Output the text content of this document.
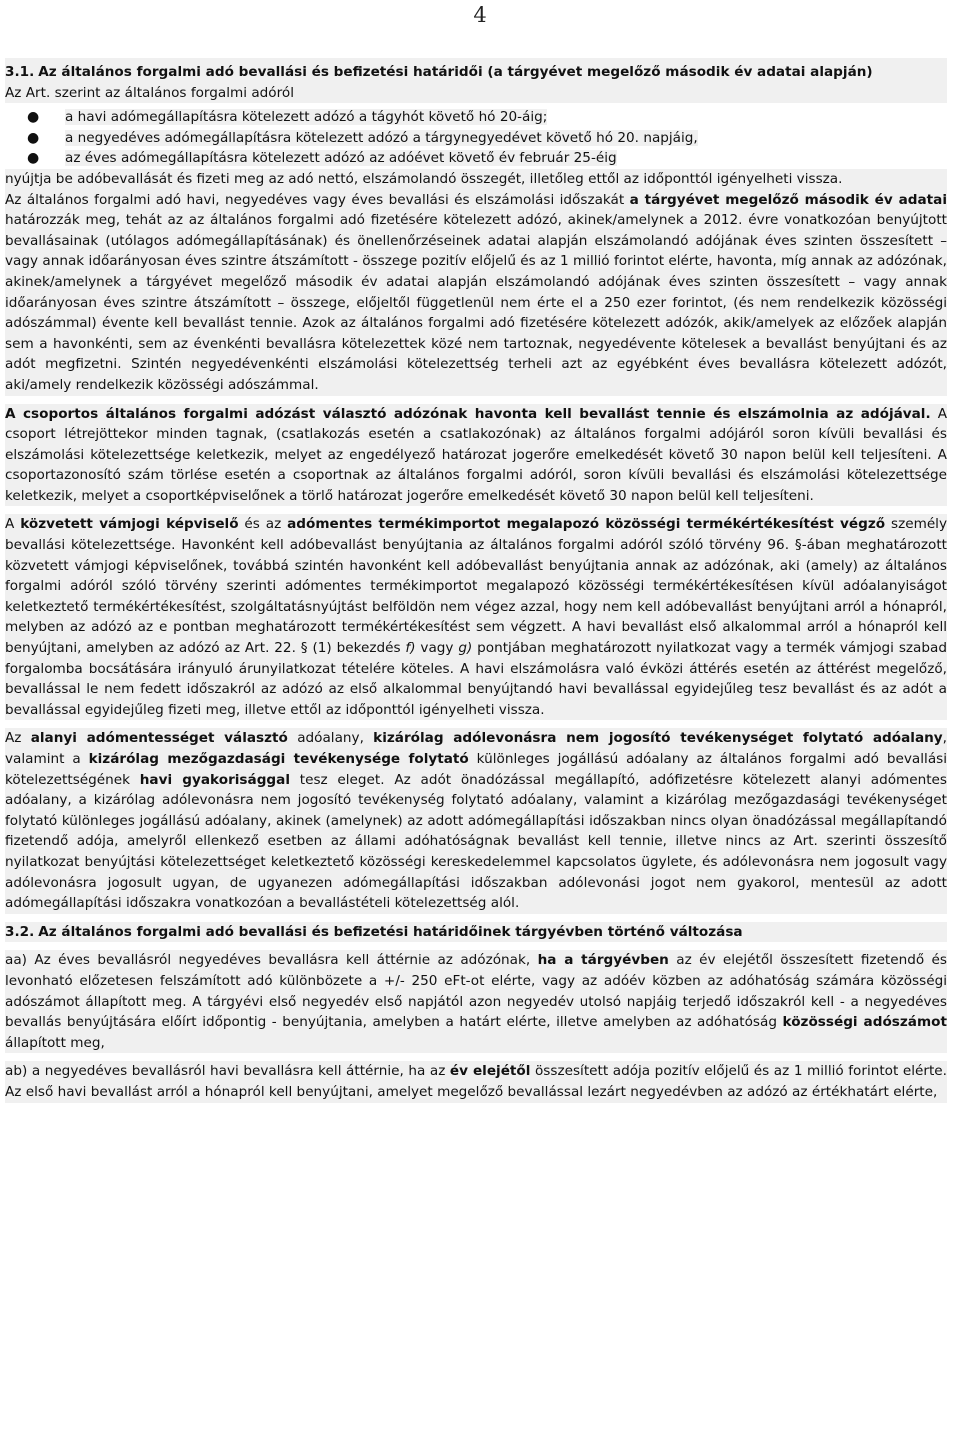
4

3.1. Az általános forgalmi adó bevallási és befizetési határidői (a tárgyévet megelőző második év adatai alapján)

Az Art. szerint az általános forgalmi adóról

● a havi adómegállapításra kötelezett adózó a tágyhót követő hó 20-áig;
● a negyedéves adómegállapításra kötelezett adózó a tárgynegyedévet követő hó 20. napjáig,
● az éves adómegállapításra kötelezett adózó az adóévet követő év február 25-éig

nyújtja be adóbevallását és fizeti meg az adó nettó, elszámolandó összegét, illetőleg ettől az időponttól igényelheti vissza.

Az általános forgalmi adó havi, negyedéves vagy éves bevallási és elszámolási időszakát a tárgyévet megelőző második év adatai határozzák meg, tehát az az általános forgalmi adó fizetésére kötelezett adózó, akinek/amelynek a 2012. évre vonatkozóan benyújtott bevallásainak (utólagos adómegállapításának) és önellenőrzéseinek adatai alapján elszámolandó adójának éves szinten összesített – vagy annak időarányosan éves szintre átszámított - összege pozitív előjelű és az 1 millió forintot elérte, havonta, míg annak az adózónak, akinek/amelynek a tárgyévet megelőző második év adatai alapján elszámolandó adójának éves szinten összesített – vagy annak időarányosan éves szintre átszámított – összege, előjeltől függetlenül nem érte el a 250 ezer forintot, (és nem rendelkezik közösségi adószámmal) évente kell bevallást tennie. Azok az általános forgalmi adó fizetésére kötelezett adózók, akik/amelyek az előzőek alapján sem a havonkénti, sem az évenkénti bevallásra kötelezettek közé nem tartoznak, negyedévente kötelesek a bevallást benyújtani és az adót megfizetni. Szintén negyedévenkénti elszámolási kötelezettség terheli azt az egyébként éves bevallásra kötelezett adózót, aki/amely rendelkezik közösségi adószámmal.

A csoportos általános forgalmi adózást választó adózónak havonta kell bevallást tennie és elszámolnia az adójával. A csoport létrejöttekor minden tagnak, (csatlakozás esetén a csatlakozónak) az általános forgalmi adójáról soron kívüli bevallási és elszámolási kötelezettsége keletkezik, melyet az engedélyező határozat jogerőre emelkedését követő 30 napon belül kell teljesíteni. A csoportazonosító szám törlése esetén a csoportnak az általános forgalmi adóról, soron kívüli bevallási és elszámolási kötelezettsége keletkezik, melyet a csoportképviselőnek a törlő határozat jogerőre emelkedését követő 30 napon belül kell teljesíteni.

A közvetett vámjogi képviselő és az adómentes termékimportot megalapozó közösségi termékértékesítést végző személy bevallási kötelezettsége. Havonként kell adóbevallást benyújtania az általános forgalmi adóról szóló törvény 96. §-ában meghatározott közvetett vámjogi képviselőnek, továbbá szintén havonként kell adóbevallást benyújtania annak az adózónak, aki (amely) az általános forgalmi adóról szóló törvény szerinti adómentes termékimportot megalapozó közösségi termékértékesítésen kívül adóalanyiságot keletkeztető termékértékesítést, szolgáltatásnyújtást belföldön nem végez azzal, hogy nem kell adóbevallást benyújtani arról a hónapról, melyben az adózó az e pontban meghatározott termékértékesítést sem végzett. A havi bevallást első alkalommal arról a hónapról kell benyújtani, amelyben az adózó az Art. 22. § (1) bekezdés f) vagy g) pontjában meghatározott nyilatkozat vagy a termék vámjogi szabad forgalomba bocsátására irányuló árunyilatkozat tételére köteles. A havi elszámolásra való évközi áttérés esetén az áttérést megelőző, bevallással le nem fedett időszakról az adózó az első alkalommal benyújtandó havi bevallással egyidejűleg tesz bevallást és az adót a bevallással egyidejűleg fizeti meg, illetve ettől az időponttól igényelheti vissza.

Az alanyi adómentességet választó adóalany, kizárólag adólevonásra nem jogosító tevékenységet folytató adóalany, valamint a kizárólag mezőgazdasági tevékenysége folytató különleges jogállású adóalany az általános forgalmi adó bevallási kötelezettségének havi gyakorisággal tesz eleget. Az adót önadózással megállapító, adófizetésre kötelezett alanyi adómentes adóalany, a kizárólag adólevonásra nem jogosító tevékenység folytató adóalany, valamint a kizárólag mezőgazdasági tevékenységet folytató különleges jogállású adóalany, akinek (amelynek) az adott adómegállapítási időszakban nincs olyan önadózással megállapítandó fizetendő adója, amelyről ellenkező esetben az állami adóhatóságnak bevallást kell tennie, illetve nincs az Art. szerinti összesítő nyilatkozat benyújtási kötelezettséget keletkeztető közösségi kereskedelemmel kapcsolatos ügylete, és adólevonásra nem jogosult vagy adólevonásra jogosult ugyan, de ugyanezen adómegállapítási időszakban adólevonási jogot nem gyakorol, mentesül az adott adómegállapítási időszakra vonatkozóan a bevallástételi kötelezettség alól.

3.2. Az általános forgalmi adó bevallási és befizetési határidőinek tárgyévben történő változása

aa) Az éves bevallásról negyedéves bevallásra kell áttérnie az adózónak, ha a tárgyévben az év elejétől összesített fizetendő és levonható előzetesen felszámított adó különbözete a +/- 250 eFt-ot elérte, vagy az adóév közben az adóhatóság számára közösségi adószámot állapított meg. A tárgyévi első negyedév első napjától azon negyedév utolsó napjáig terjedő időszakról kell - a negyedéves bevallás benyújtására előírt időpontig - benyújtania, amelyben a határt elérte, illetve amelyben az adóhatóság közösségi adószámot állapított meg,

ab) a negyedéves bevallásról havi bevallásra kell áttérnie, ha az év elejétől összesített adója pozitív előjelű és az 1 millió forintot elérte. Az első havi bevallást arról a hónapról kell benyújtani, amelyet megelőző bevallással lezárt negyedévben az adózó az értékhatárt elérte,
